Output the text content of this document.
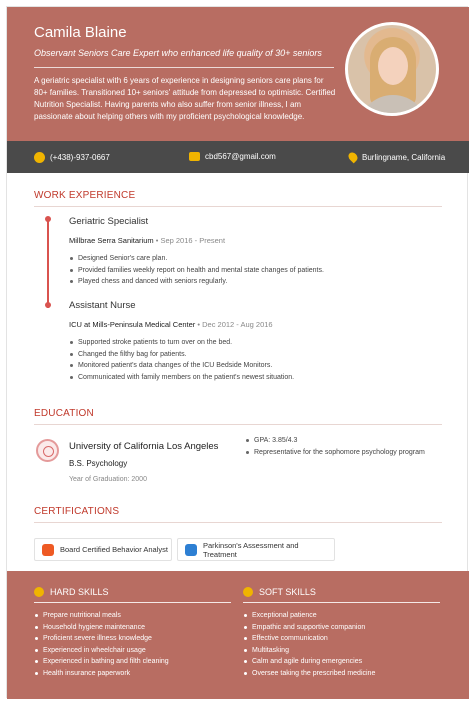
Camila Blaine
Observant Seniors Care Expert who enhanced life quality of 30+ seniors
A geriatric specialist with 6 years of experience in designing seniors care plans for 80+ families. Transitioned 10+ seniors' attitude from depressed to optimistic. Certified Nutrition Specialist. Having parents who also suffer from senior illness, I am passionate about helping others with my proficient psychological knowledge.
(+438)-937-0667	cbd567@gmail.com	Burlingname, California
WORK EXPERIENCE
Geriatric Specialist
Millbrae Serra Sanitarium • Sep 2016 - Present
Designed Senior's care plan.
Provided families weekly report on health and mental state changes of patients.
Played chess and danced with seniors regularly.
Assistant Nurse
ICU at Mills-Peninsula Medical Center • Dec 2012 - Aug 2016
Supported stroke patients to turn over on the bed.
Changed the filthy bag for patients.
Monitored patient's data changes of the ICU Bedside Monitors.
Communicated with family members on the patient's newest situation.
EDUCATION
University of California Los Angeles
B.S. Psychology
Year of Graduation: 2000
GPA: 3.85/4.3
Representative for the sophomore psychology program
CERTIFICATIONS
Board Certified Behavior Analyst	Parkinson's Assessment and Treatment
HARD SKILLS
Prepare nutritional meals
Household hygiene maintenance
Proficient severe illness knowledge
Experienced in wheelchair usage
Experienced in bathing and filth cleaning
Health insurance paperwork
SOFT SKILLS
Exceptional patience
Empathic and supportive companion
Effective communication
Multitasking
Calm and agile during emergencies
Oversee taking the prescribed medicine
